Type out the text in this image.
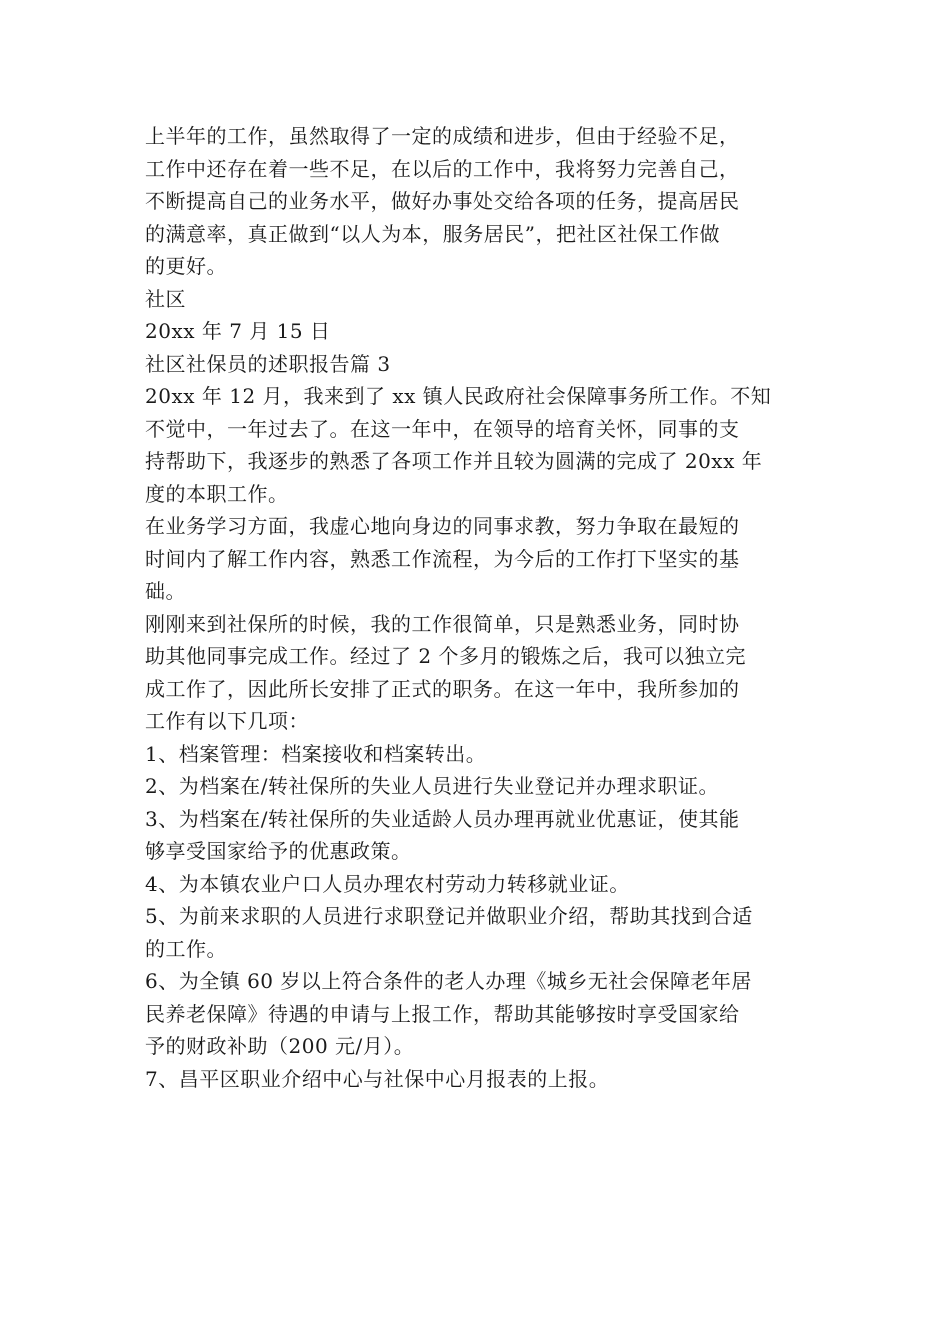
上半年的工作，虽然取得了一定的成绩和进步，但由于经验不足，
工作中还存在着一些不足，在以后的工作中，我将努力完善自己，
不断提高自己的业务水平，做好办事处交给各项的任务，提高居民
的满意率，真正做到“以人为本，服务居民”，把社区社保工作做
的更好。
社区
20xx 年 7 月 15 日
社区社保员的述职报告篇 3
20xx 年 12 月，我来到了 xx 镇人民政府社会保障事务所工作。不知
不觉中，一年过去了。在这一年中，在领导的培育关怀，同事的支
持帮助下，我逐步的熟悉了各项工作并且较为圆满的完成了 20xx 年
度的本职工作。
在业务学习方面，我虚心地向身边的同事求教，努力争取在最短的
时间内了解工作内容，熟悉工作流程，为今后的工作打下坚实的基
础。
刚刚来到社保所的时候，我的工作很简单，只是熟悉业务，同时协
助其他同事完成工作。经过了 2 个多月的锻炼之后，我可以独立完
成工作了，因此所长安排了正式的职务。在这一年中，我所参加的
工作有以下几项：
1、档案管理：档案接收和档案转出。
2、为档案在/转社保所的失业人员进行失业登记并办理求职证。
3、为档案在/转社保所的失业适龄人员办理再就业优惠证，使其能
够享受国家给予的优惠政策。
4、为本镇农业户口人员办理农村劳动力转移就业证。
5、为前来求职的人员进行求职登记并做职业介绍，帮助其找到合适
的工作。
6、为全镇 60 岁以上符合条件的老人办理《城乡无社会保障老年居
民养老保障》待遇的申请与上报工作，帮助其能够按时享受国家给
予的财政补助（200 元/月）。
7、昌平区职业介绍中心与社保中心月报表的上报。
